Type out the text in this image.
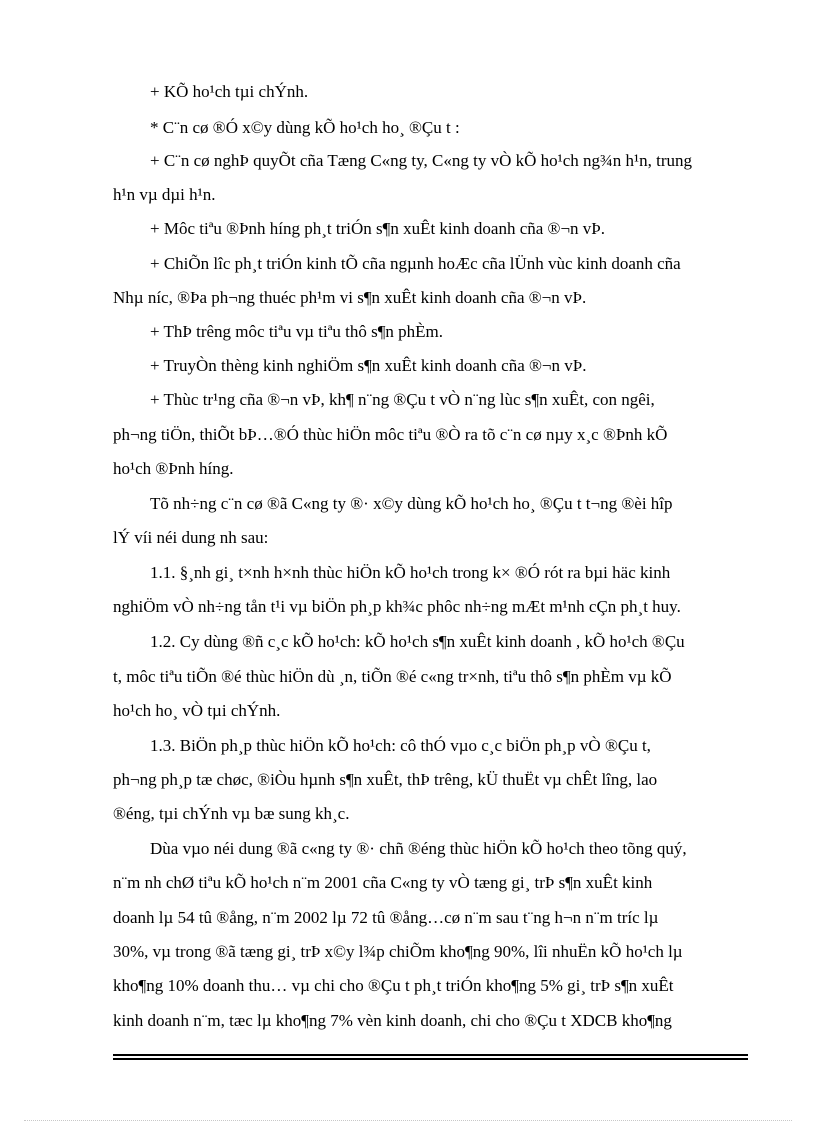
+ KÕ ho¹ch tµi chÝnh.
* C¨n cø ®Ó x©y dùng kÕ ho¹ch ho¸ ®Çu t :
+ C¨n cø nghÞ quyÕt cña Tæng C«ng ty, C«ng ty vÒ kÕ ho¹ch ng¾n h¹n, trung
h¹n vµ dµi h¹n.
+ Môc tiªu ®Þnh híng ph¸t triÓn s¶n xuÊt kinh doanh cña ®¬n vÞ.
+ ChiÕn lîc ph¸t triÓn kinh tÕ cña ngµnh hoÆc cña lÜnh vùc kinh doanh cña
Nhµ níc, ®Þa ph¬ng thuéc ph¹m vi s¶n xuÊt kinh doanh cña ®¬n vÞ.
+ ThÞ trêng môc tiªu vµ tiªu thô s¶n phÈm.
+ TruyÒn thèng kinh nghiÖm s¶n xuÊt kinh doanh cña ®¬n vÞ.
+ Thùc tr¹ng cña ®¬n vÞ, kh¶ n¨ng ®Çu t vÒ n¨ng lùc s¶n xuÊt, con ngêi,
ph¬ng tiÖn, thiÕt bÞ…®Ó thùc hiÖn môc tiªu ®Ò ra tõ c¨n cø nµy x¸c ®Þnh kÕ
ho¹ch ®Þnh híng.
Tõ nh÷ng c¨n cø ®ã C«ng ty ®· x©y dùng kÕ ho¹ch ho¸ ®Çu t t¬ng ®èi hîp
lÝ víi néi dung nh sau:
1.1. §¸nh gi¸ t×nh h×nh thùc hiÖn kÕ ho¹ch trong k× ®Ó rót ra bµi häc kinh
nghiÖm vÒ nh÷ng tån t¹i vµ biÖn ph¸p kh¾c phôc nh÷ng mÆt m¹nh cÇn ph¸t huy.
1.2. Cy dùng ®ñ c¸c kÕ ho¹ch: kÕ ho¹ch s¶n xuÊt kinh doanh , kÕ ho¹ch ®Çu
t, môc tiªu tiÕn ®é thùc hiÖn dù ¸n, tiÕn ®é c«ng tr×nh, tiªu thô s¶n phÈm vµ kÕ
ho¹ch ho¸ vÒ tµi chÝnh.
1.3. BiÖn ph¸p thùc hiÖn kÕ ho¹ch: cô thÓ vµo c¸c biÖn ph¸p vÒ ®Çu t,
ph¬ng ph¸p tæ chøc, ®iÒu hµnh s¶n xuÊt, thÞ trêng, kÜ thuËt vµ chÊt lîng, lao
®éng, tµi chÝnh vµ bæ sung kh¸c.
Dùa vµo néi dung ®ã c«ng ty ®· chñ ®éng thùc hiÖn kÕ ho¹ch theo tõng quý,
n¨m nh chØ tiªu kÕ ho¹ch n¨m 2001 cña C«ng ty vÒ tæng gi¸ trÞ s¶n xuÊt kinh
doanh lµ 54 tû ®ång, n¨m 2002 lµ 72 tû ®ång…cø n¨m sau t¨ng h¬n n¨m tríc lµ
30%, vµ trong ®ã tæng gi¸ trÞ x©y l¾p chiÕm kho¶ng 90%, lîi nhuËn kÕ ho¹ch lµ
kho¶ng 10% doanh thu… vµ chi cho ®Çu t ph¸t triÓn kho¶ng 5% gi¸ trÞ s¶n xuÊt
kinh doanh n¨m, tæc lµ kho¶ng 7% vèn kinh doanh, chi cho ®Çu t XDCB kho¶ng
